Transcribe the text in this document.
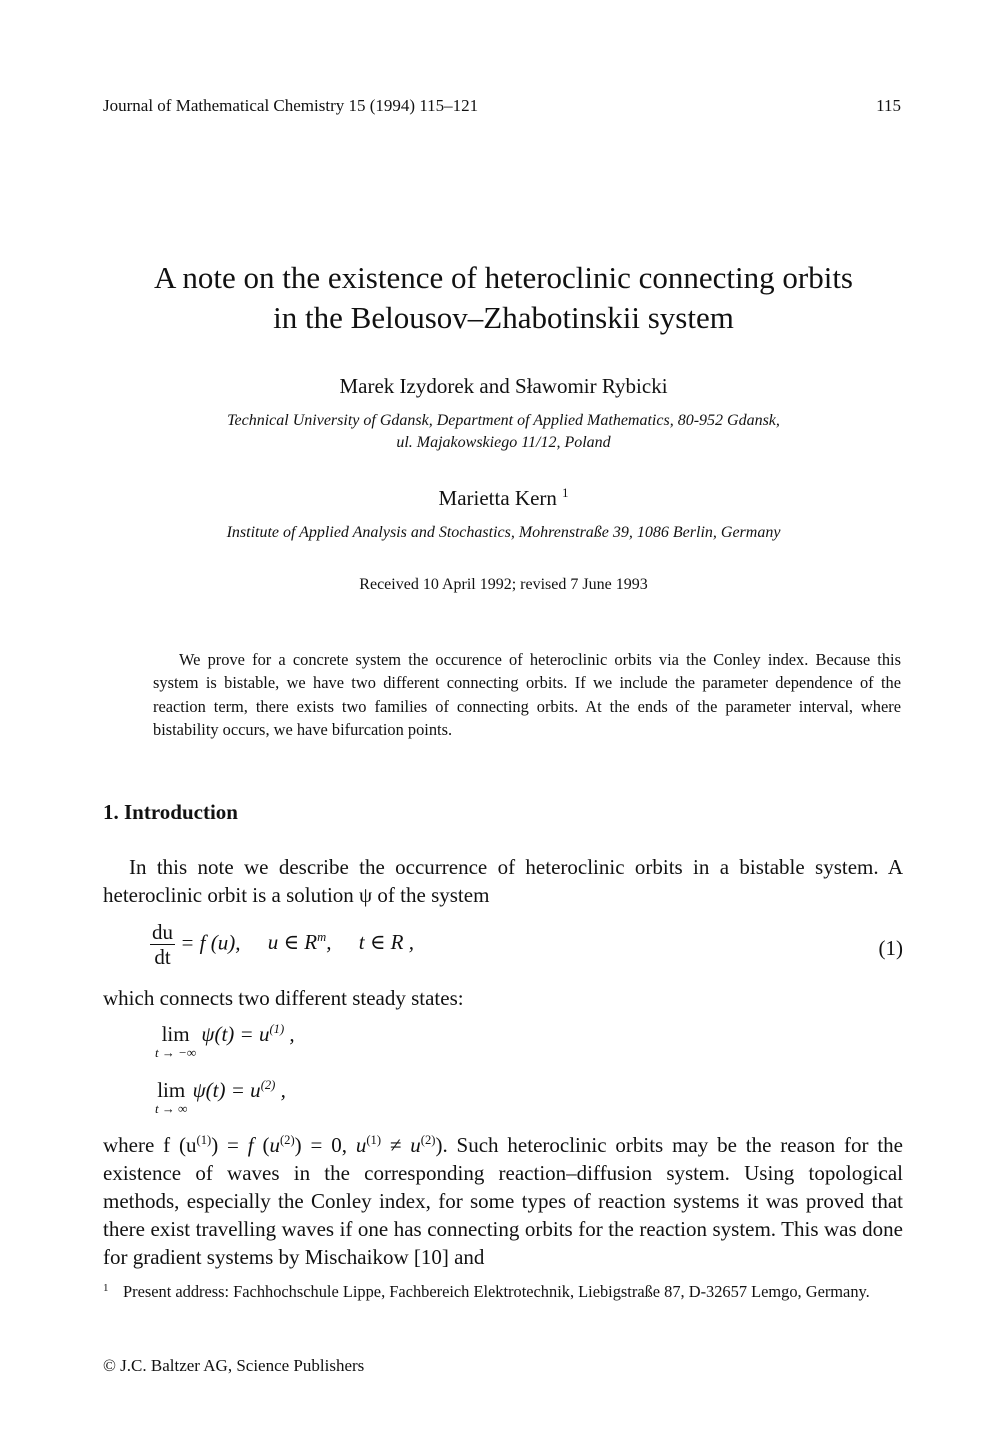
Journal of Mathematical Chemistry 15 (1994) 115–121	115
A note on the existence of heteroclinic connecting orbits
in the Belousov–Zhabotinskii system
Marek Izydorek and Sławomir Rybicki
Technical University of Gdansk, Department of Applied Mathematics, 80-952 Gdansk,
ul. Majakowskiego 11/12, Poland
Marietta Kern $^1$
Institute of Applied Analysis and Stochastics, Mohrenstraße 39, 1086 Berlin, Germany
Received 10 April 1992; revised 7 June 1993
We prove for a concrete system the occurence of heteroclinic orbits via the Conley index. Because this system is bistable, we have two different connecting orbits. If we include the parameter dependence of the reaction term, there exists two families of connecting orbits. At the ends of the parameter interval, where bistability occurs, we have bifurcation points.
1. Introduction
In this note we describe the occurrence of heteroclinic orbits in a bistable system. A heteroclinic orbit is a solution ψ of the system
$\frac{du}{dt} = f$ (u), u ∈ $R^m$, t ∈ R ,	(1)
which connects two different steady states:
lim
t → −∞
$\psi(t) = u^{(1)}$ ,
lim
t → ∞
$\psi(t) = u^{(2)}$ ,
where f $(u^{(1)}) = f$ $(u^{(2)}) = 0$, $u^{(1)} \ne u^{(2)}$). Such heteroclinic orbits may be the reason for the existence of waves in the corresponding reaction–diffusion system. Using topological methods, especially the Conley index, for some types of reaction systems it was proved that there exist travelling waves if one has connecting orbits for the reaction system. This was done for gradient systems by Mischaikow [10] and
1 Present address: Fachhochschule Lippe, Fachbereich Elektrotechnik, Liebigstraße 87, D-32657 Lemgo, Germany.
© J.C. Baltzer AG, Science Publishers
